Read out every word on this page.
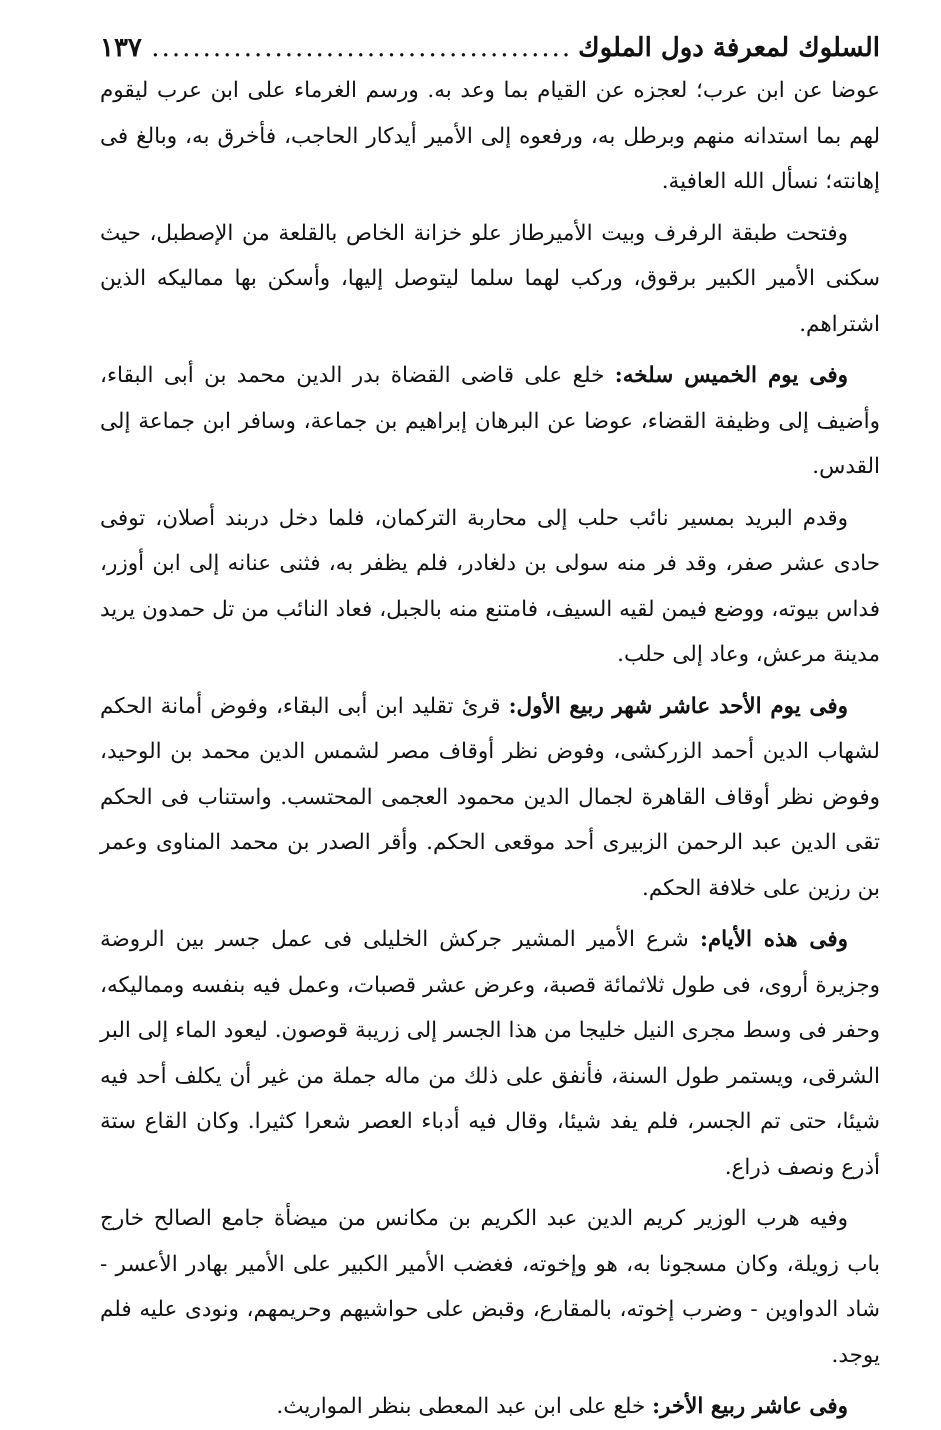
السلوك لمعرفة دول الملوك
.....
١٣٧

عوضا عن ابن عرب؛ لعجزه عن القيام بما وعد به. ورسم الغرماء على ابن عرب ليقوم لهم بما استدانه منهم وبرطل به، ورفعوه إلى الأمير أيدكار الحاجب، فأخرق به، وبالغ فى إهانته؛ نسأل الله العافية.

وفتحت طبقة الرفرف وبيت الأميرطاز علو خزانة الخاص بالقلعة من الإصطبل، حيث سكنى الأمير الكبير برقوق، وركب لهما سلما ليتوصل إليها، وأسكن بها مماليكه الذين اشتراهم.

وفى يوم الخميس سلخه: خلع على قاضى القضاة بدر الدين محمد بن أبى البقاء، وأضيف إلى وظيفة القضاء، عوضا عن البرهان إبراهيم بن جماعة، وسافر ابن جماعة إلى القدس.

وقدم البريد بمسير نائب حلب إلى محاربة التركمان، فلما دخل دربند أصلان، توفى حادى عشر صفر، وقد فر منه سولى بن دلغادر، فلم يظفر به، فثنى عنانه إلى ابن أوزر، فداس بيوته، ووضع فيمن لقيه السيف، فامتنع منه بالجبل، فعاد النائب من تل حمدون يريد مدينة مرعش، وعاد إلى حلب.

وفى يوم الأحد عاشر شهر ربيع الأول: قرئ تقليد ابن أبى البقاء، وفوض أمانة الحكم لشهاب الدين أحمد الزركشى، وفوض نظر أوقاف مصر لشمس الدين محمد بن الوحيد، وفوض نظر أوقاف القاهرة لجمال الدين محمود العجمى المحتسب. واستناب فى الحكم تقى الدين عبد الرحمن الزبيرى أحد موقعى الحكم. وأقر الصدر بن محمد المناوى وعمر بن رزين على خلافة الحكم.

وفى هذه الأيام: شرع الأمير المشير جركش الخليلى فى عمل جسر بين الروضة وجزيرة أروى، فى طول ثلاثمائة قصبة، وعرض عشر قصبات، وعمل فيه بنفسه ومماليكه، وحفر فى وسط مجرى النيل خليجا من هذا الجسر إلى زريبة قوصون. ليعود الماء إلى البر الشرقى، ويستمر طول السنة، فأنفق على ذلك من ماله جملة من غير أن يكلف أحد فيه شيئا، حتى تم الجسر، فلم يفد شيئا، وقال فيه أدباء العصر شعرا كثيرا. وكان القاع ستة أذرع ونصف ذراع.

وفيه هرب الوزير كريم الدين عبد الكريم بن مكانس من ميضأة جامع الصالح خارج باب زويلة، وكان مسجونا به، هو وإخوته، فغضب الأمير الكبير على الأمير بهادر الأعسر - شاد الدواوين - وضرب إخوته، بالمقارع، وقبض على حواشيهم وحريمهم، ونودى عليه فلم يوجد.

وفى عاشر ربيع الأخر: خلع على ابن عبد المعطى بنظر المواريث.
